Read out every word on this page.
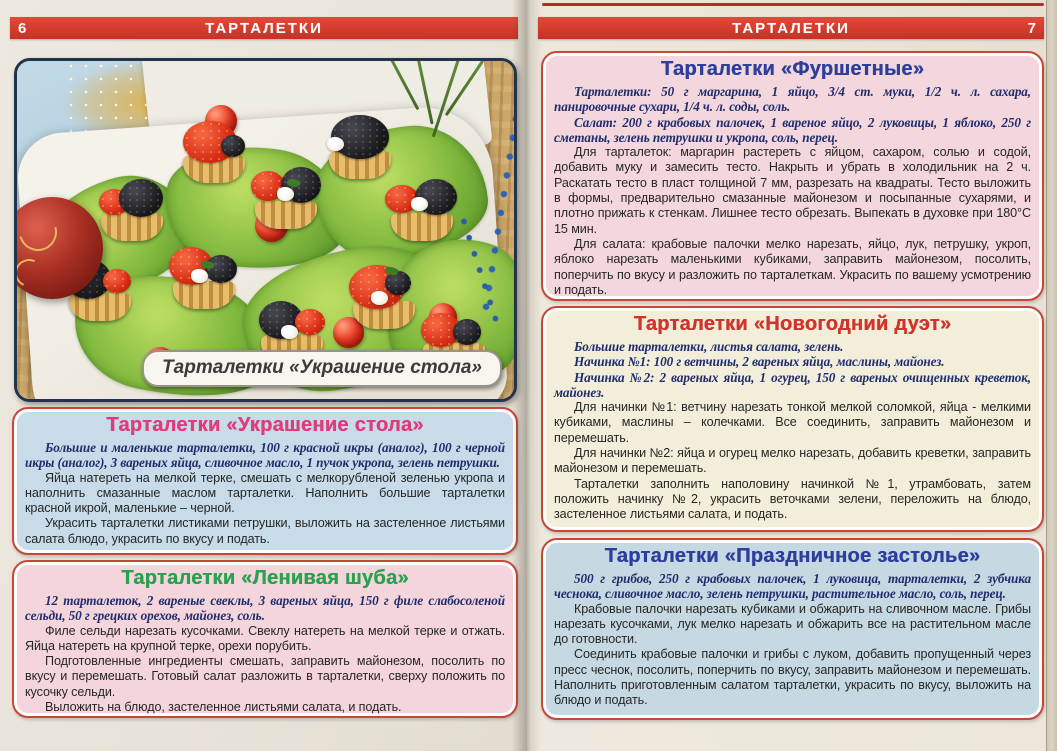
6	ТАРТАЛЕТКИ	ТАРТАЛЕТКИ	7
Тарталетки «Украшение стола»
Тарталетки «Украшение стола»

Большие и маленькие тарталетки, 100 г красной икры (аналог), 100 г черной икры (аналог), 3 вареных яйца, сливочное масло, 1 пучок укропа, зелень петрушки.

Яйца натереть на мелкой терке, смешать с мелкорубленой зеленью укропа и наполнить смазанные маслом тарталетки. Наполнить большие тарталетки красной икрой, маленькие – черной.

Украсить тарталетки листиками петрушки, выложить на застеленное листьями салата блюдо, украсить по вкусу и подать.

Тарталетки «Ленивая шуба»

12 тарталеток, 2 вареные свеклы, 3 вареных яйца, 150 г филе слабосоленой сельди, 50 г грецких орехов, майонез, соль.

Филе сельди нарезать кусочками. Свеклу натереть на мелкой терке и отжать. Яйца натереть на крупной терке, орехи порубить.

Подготовленные ингредиенты смешать, заправить майонезом, посолить по вкусу и перемешать. Готовый салат разложить в тарталетки, сверху положить по кусочку сельди.

Выложить на блюдо, застеленное листьями салата, и подать.

Тарталетки «Фуршетные»

Тарталетки: 50 г маргарина, 1 яйцо, 3/4 ст. муки, 1/2 ч. л. сахара, панировочные сухари, 1/4 ч. л. соды, соль.

Салат: 200 г крабовых палочек, 1 вареное яйцо, 2 луковицы, 1 яблоко, 250 г сметаны, зелень петрушки и укропа, соль, перец.

Для тарталеток: маргарин растереть с яйцом, сахаром, солью и содой, добавить муку и замесить тесто. Накрыть и убрать в холодильник на 2 ч. Раскатать тесто в пласт толщиной 7 мм, разрезать на квадраты. Тесто выложить в формы, предварительно смазанные майонезом и посыпанные сухарями, и плотно прижать к стенкам. Лишнее тесто обрезать. Выпекать в духовке при 180°C 15 мин.

Для салата: крабовые палочки мелко нарезать, яйцо, лук, петрушку, укроп, яблоко нарезать маленькими кубиками, заправить майонезом, посолить, поперчить по вкусу и разложить по тарталеткам. Украсить по вашему усмотрению и подать.

Тарталетки «Новогодний дуэт»

Большие тарталетки, листья салата, зелень.

Начинка №1: 100 г ветчины, 2 вареных яйца, маслины, майонез.

Начинка №2: 2 вареных яйца, 1 огурец, 150 г вареных очищенных креветок, майонез.

Для начинки №1: ветчину нарезать тонкой мелкой соломкой, яйца - мелкими кубиками, маслины – колечками. Все соединить, заправить майонезом и перемешать.

Для начинки №2: яйца и огурец мелко нарезать, добавить креветки, заправить майонезом и перемешать.

Тарталетки заполнить наполовину начинкой №1, утрамбовать, затем положить начинку №2, украсить веточками зелени, переложить на блюдо, застеленное листьями салата, и подать.

Тарталетки «Праздничное застолье»

500 г грибов, 250 г крабовых палочек, 1 луковица, тарталетки, 2 зубчика чеснока, сливочное масло, зелень петрушки, растительное масло, соль, перец.

Крабовые палочки нарезать кубиками и обжарить на сливочном масле. Грибы нарезать кусочками, лук мелко нарезать и обжарить все на растительном масле до готовности.

Соединить крабовые палочки и грибы с луком, добавить пропущенный через пресс чеснок, посолить, поперчить по вкусу, заправить майонезом и перемешать. Наполнить приготовленным салатом тарталетки, украсить по вкусу, выложить на блюдо и подать.
